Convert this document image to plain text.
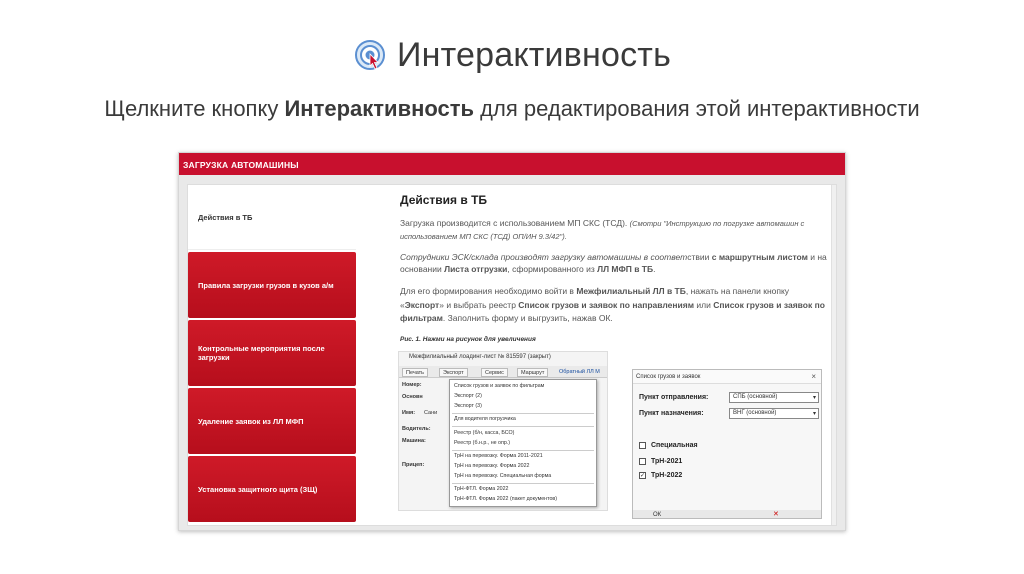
Интерактивность
Щелкните кнопку Интерактивность для редактирования этой интерактивности
ЗАГРУЗКА АВТОМАШИНЫ
Действия в ТБ
Правила загрузки грузов в кузов а/м
Контрольные мероприятия после загрузки
Удаление заявок из ЛЛ МФП
Установка защитного щита (ЗЩ)
Действия в ТБ
Загрузка производится с использованием МП СКС (ТСД). (Смотри "Инструкцию по погрузке автомашин с использованием МП СКС (ТСД) ОП/ИН 9.3/42").
Сотрудники ЭСК/склада производят загрузку автомашины в соответствии с маршрутным листом и на основании Листа отгрузки, сформированного из ЛЛ МФП в ТБ.
Для его формирования необходимо войти в Межфилиальный ЛЛ в ТБ, нажать на панели кнопку «Экспорт» и выбрать реестр Список грузов и заявок по направлениям или Список грузов и заявок по фильтрам. Заполнить форму и выгрузить, нажав ОК.
Рис. 1. Нажми на рисунок для увеличения
Межфилиальный лоадинг-лист № 815597 (закрыт)
Печать	Экспорт	Сервис	Маршрут	Обратный ЛЛ М
Номер:
Основн
Имя: Сани
Водитель:
Машина:
Прицеп:
Список грузов и заявок по фильтрам
Экспорт (2)
Экспорт (3)
Для водителя погрузчика
Реестр (б/н, касса, БСО)
Реестр (б.н.р., не опр.)
ТрН на перевозку. Форма 2011-2021
ТрН на перевозку. Форма 2022
ТрН на перевозку. Специальная форма
ТрН-ФТЛ. Форма 2022
ТрН-ФТЛ. Форма 2022 (пакет документов)
Список грузов и заявок	×
Пункт отправления:	СПБ (основной)	▾
Пункт назначения:	ВНГ (основной)	▾
Специальная
ТрН-2021
✓ ТрН-2022
ОК	✕
